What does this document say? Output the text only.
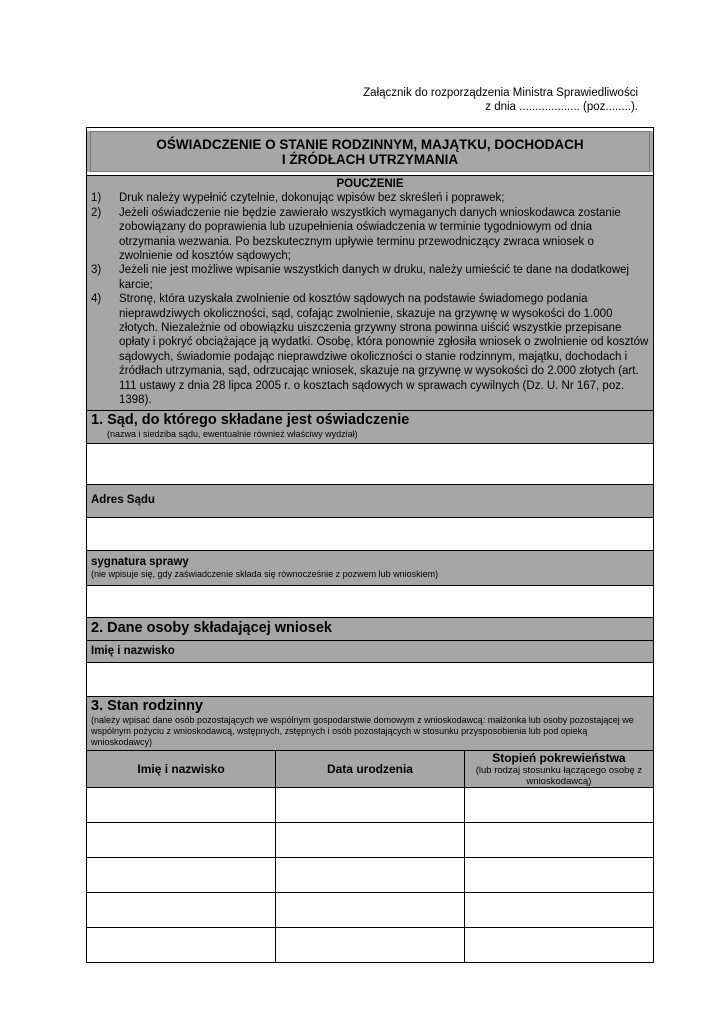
Załącznik do rozporządzenia Ministra Sprawiedliwości
z dnia ................... (poz........).
OŚWIADCZENIE O STANIE RODZINNYM, MAJĄTKU, DOCHODACH
I ŹRÓDŁACH UTRZYMANIA
POUCZENIE
1)	Druk należy wypełnić czytelnie, dokonując wpisów bez skreśleń i poprawek;
2)	Jeżeli oświadczenie nie będzie zawierało wszystkich wymaganych danych wnioskodawca zostanie zobowiązany do poprawienia lub uzupełnienia oświadczenia w terminie tygodniowym od dnia otrzymania wezwania. Po bezskutecznym upływie terminu przewodniczący zwraca wniosek o zwolnienie od kosztów sądowych;
3)	Jeżeli nie jest możliwe wpisanie wszystkich danych w druku, należy umieścić te dane na dodatkowej karcie;
4)	Stronę, która uzyskała zwolnienie od kosztów sądowych na podstawie świadomego podania nieprawdziwych okoliczności, sąd, cofając zwolnienie, skazuje na grzywnę w wysokości do 1.000 złotych. Niezależnie od obowiązku uiszczenia grzywny strona powinna uiścić wszystkie przepisane opłaty i pokryć obciążające ją wydatki. Osobę, która ponownie zgłosiła wniosek o zwolnienie od kosztów sądowych, świadomie podając nieprawdziwe okoliczności o stanie rodzinnym, majątku, dochodach i źródłach utrzymania, sąd, odrzucając wniosek, skazuje na grzywnę w wysokości do 2.000 złotych (art. 111 ustawy z dnia 28 lipca 2005 r. o kosztach sądowych w sprawach cywilnych (Dz. U. Nr 167, poz. 1398).
1. Sąd, do którego składane jest oświadczenie
(nazwa i siedziba sądu, ewentualnie również właściwy wydział)
Adres Sądu
sygnatura sprawy
(nie wpisuje się, gdy zaświadczenie składa się równocześnie z pozwem lub wnioskiem)
2. Dane osoby składającej wniosek
Imię i nazwisko
3. Stan rodzinny
(należy wpisać dane osób pozostających we wspólnym gospodarstwie domowym z wnioskodawcą: małżonka lub osoby pozostającej we wspólnym pożyciu z wnioskodawcą, wstępnych, zstępnych i osób pozostających w stosunku przysposobienia lub pod opieką wnioskodawcy)
Imię i nazwisko	Data urodzenia	Stopień pokrewieństwa
(lub rodzaj stosunku łączącego osobę z wnioskodawcą)
